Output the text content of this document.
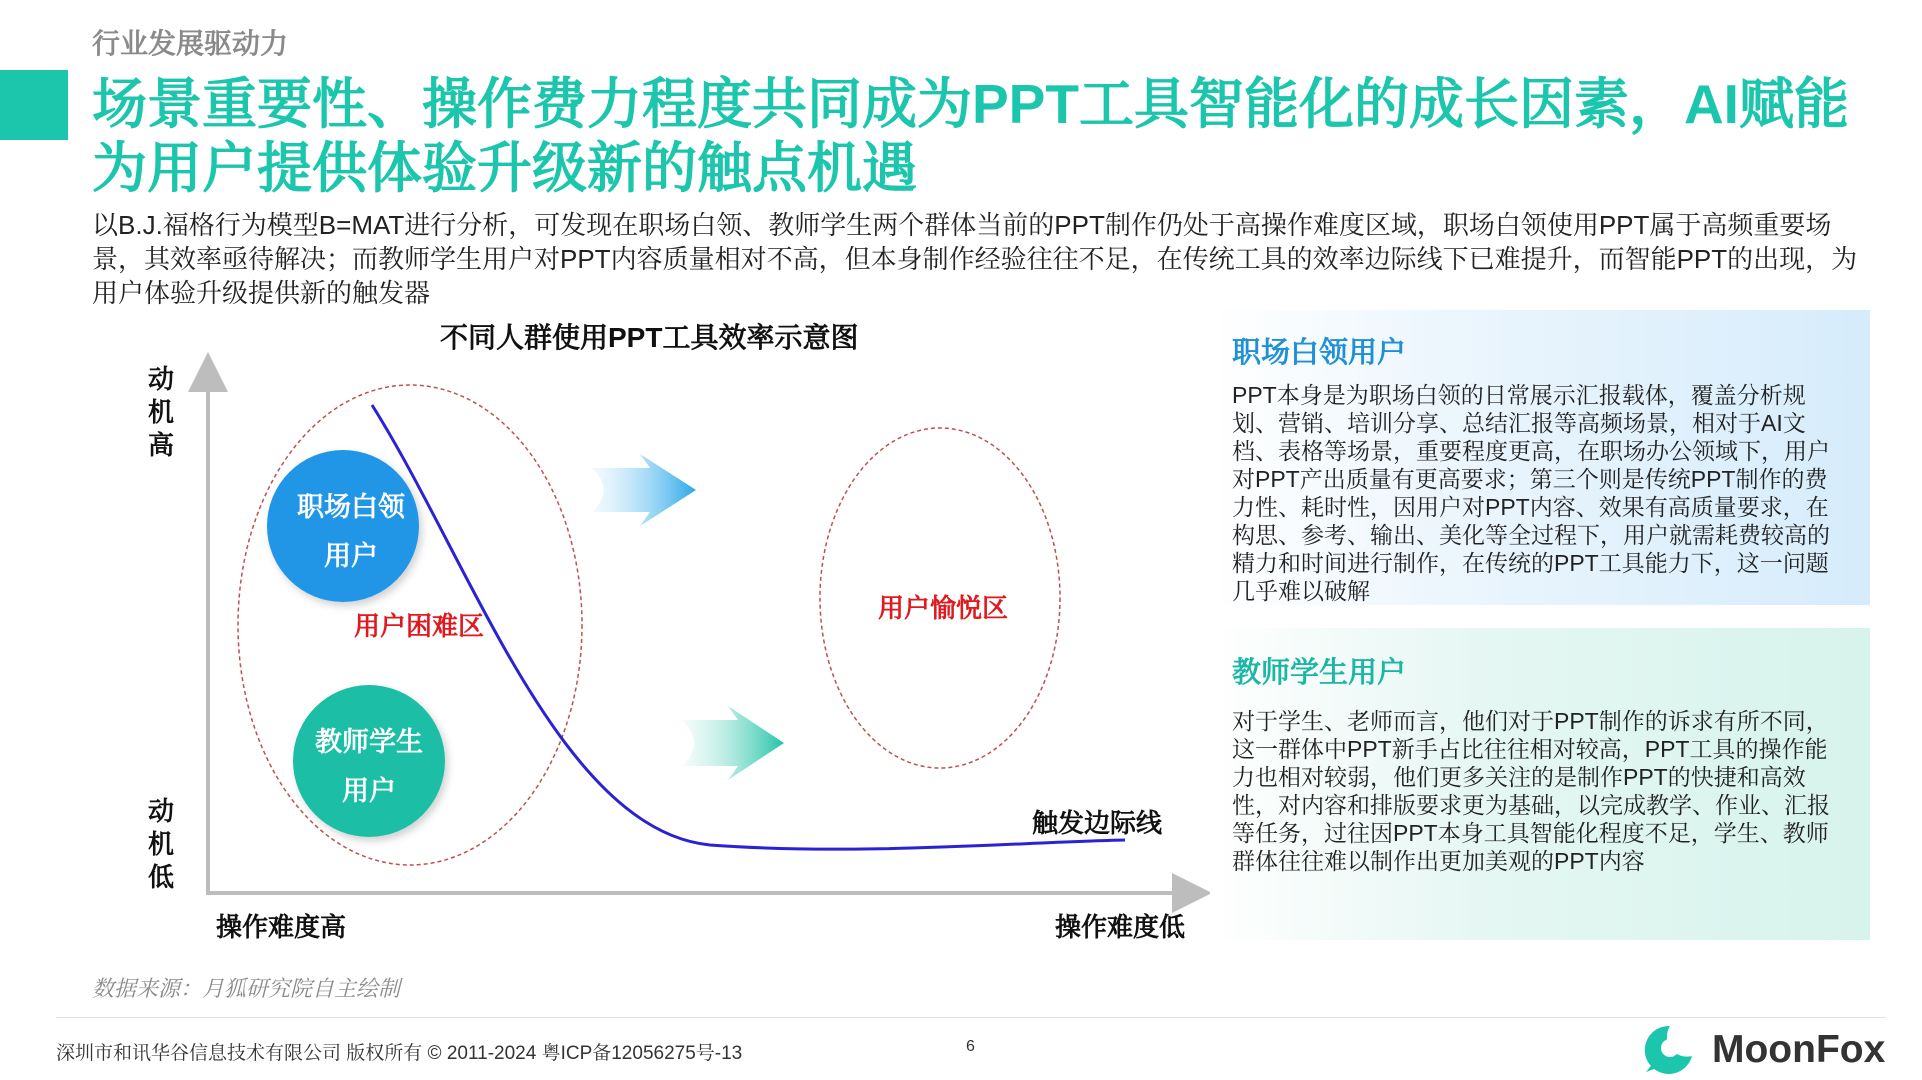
行业发展驱动力
场景重要性、操作费力程度共同成为PPT工具智能化的成长因素，AI赋能为用户提供体验升级新的触点机遇
以B.J.福格行为模型B=MAT进行分析，可发现在职场白领、教师学生两个群体当前的PPT制作仍处于高操作难度区域，职场白领使用PPT属于高频重要场景，其效率亟待解决；而教师学生用户对PPT内容质量相对不高，但本身制作经验往往不足，在传统工具的效率边际线下已难提升，而智能PPT的出现，为用户体验升级提供新的触发器
动
机
高
动
机
低
操作难度高	操作难度低
用户困难区
用户愉悦区
职场白领
用户
教师学生
用户
触发边际线
不同人群使用PPT工具效率示意图	职场白领用户
PPT本身是为职场白领的日常展示汇报载体，覆盖分析规划、营销、培训分享、总结汇报等高频场景，相对于AI文档、表格等场景，重要程度更高，在职场办公领域下，用户对PPT产出质量有更高要求；第三个则是传统PPT制作的费力性、耗时性，因用户对PPT内容、效果有高质量要求，在构思、参考、输出、美化等全过程下，用户就需耗费较高的精力和时间进行制作，在传统的PPT工具能力下，这一问题几乎难以破解
教师学生用户
对于学生、老师而言，他们对于PPT制作的诉求有所不同，这一群体中PPT新手占比往往相对较高，PPT工具的操作能力也相对较弱，他们更多关注的是制作PPT的快捷和高效性，对内容和排版要求更为基础，以完成教学、作业、汇报等任务，过往因PPT本身工具智能化程度不足，学生、教师群体往往难以制作出更加美观的PPT内容
数据来源：月狐研究院自主绘制
深圳市和讯华谷信息技术有限公司 版权所有 © 2011-2024 粤ICP备12056275号-13	6	MoonFox
